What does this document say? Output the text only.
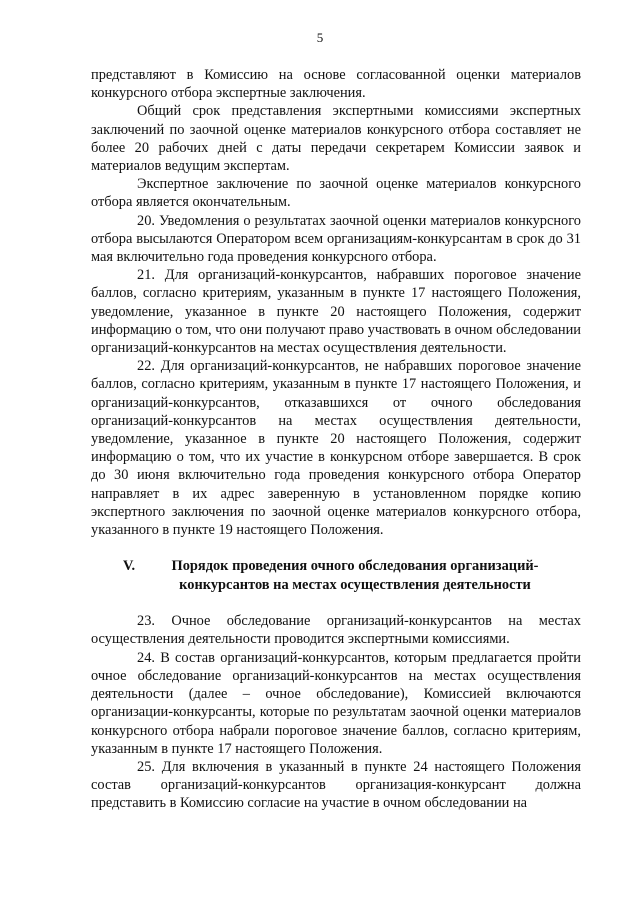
5

представляют в Комиссию на основе согласованной оценки материалов конкурсного отбора экспертные заключения.

Общий срок представления экспертными комиссиями экспертных заключений по заочной оценке материалов конкурсного отбора составляет не более 20 рабочих дней с даты передачи секретарем Комиссии заявок и материалов ведущим экспертам.

Экспертное заключение по заочной оценке материалов конкурсного отбора является окончательным.

20. Уведомления о результатах заочной оценки материалов конкурсного отбора высылаются Оператором всем организациям-конкурсантам в срок до 31 мая включительно года проведения конкурсного отбора.

21. Для организаций-конкурсантов, набравших пороговое значение баллов, согласно критериям, указанным в пункте 17 настоящего Положения, уведомление, указанное в пункте 20 настоящего Положения, содержит информацию о том, что они получают право участвовать в очном обследовании организаций-конкурсантов на местах осуществления деятельности.

22. Для организаций-конкурсантов, не набравших пороговое значение баллов, согласно критериям, указанным в пункте 17 настоящего Положения, и организаций-конкурсантов, отказавшихся от очного обследования организаций-конкурсантов на местах осуществления деятельности, уведомление, указанное в пункте 20 настоящего Положения, содержит информацию о том, что их участие в конкурсном отборе завершается. В срок до 30 июня включительно года проведения конкурсного отбора Оператор направляет в их адрес заверенную в установленном порядке копию экспертного заключения по заочной оценке материалов конкурсного отбора, указанного в пункте 19 настоящего Положения.

V.	Порядок проведения очного обследования организаций-
конкурсантов на местах осуществления деятельности

23. Очное обследование организаций-конкурсантов на местах осуществления деятельности проводится экспертными комиссиями.

24. В состав организаций-конкурсантов, которым предлагается пройти очное обследование организаций-конкурсантов на местах осуществления деятельности (далее – очное обследование), Комиссией включаются организации-конкурсанты, которые по результатам заочной оценки материалов конкурсного отбора набрали пороговое значение баллов, согласно критериям, указанным в пункте 17 настоящего Положения.

25. Для включения в указанный в пункте 24 настоящего Положения состав организаций-конкурсантов организация-конкурсант должна представить в Комиссию согласие на участие в очном обследовании на
